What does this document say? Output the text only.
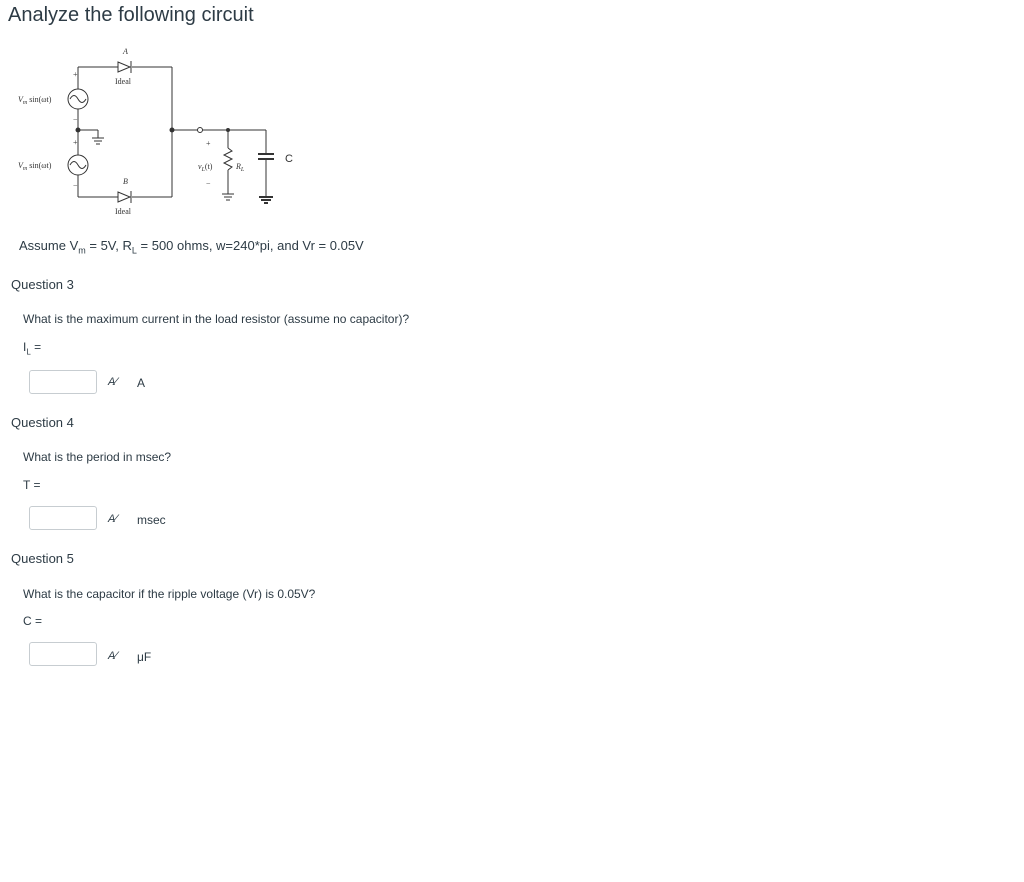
Analyze the following circuit
+
−
+
−
+
−
$V_m$ sin(ωt)
$V_m$ sin(ωt)
A
Ideal
B
Ideal
$v_L(t)$	$R_L$
C
Assume $V_m = 5V$, $R_L = 500$ ohms, w=240*pi, and Vr = 0.05V
Question 3
What is the maximum current in the load resistor (assume no capacitor)?
$I_L$ =
A⁄ A
Question 4
What is the period in msec?
T =
A⁄ msec
Question 5
What is the capacitor if the ripple voltage (Vr) is 0.05V?
C =
A⁄ μF
